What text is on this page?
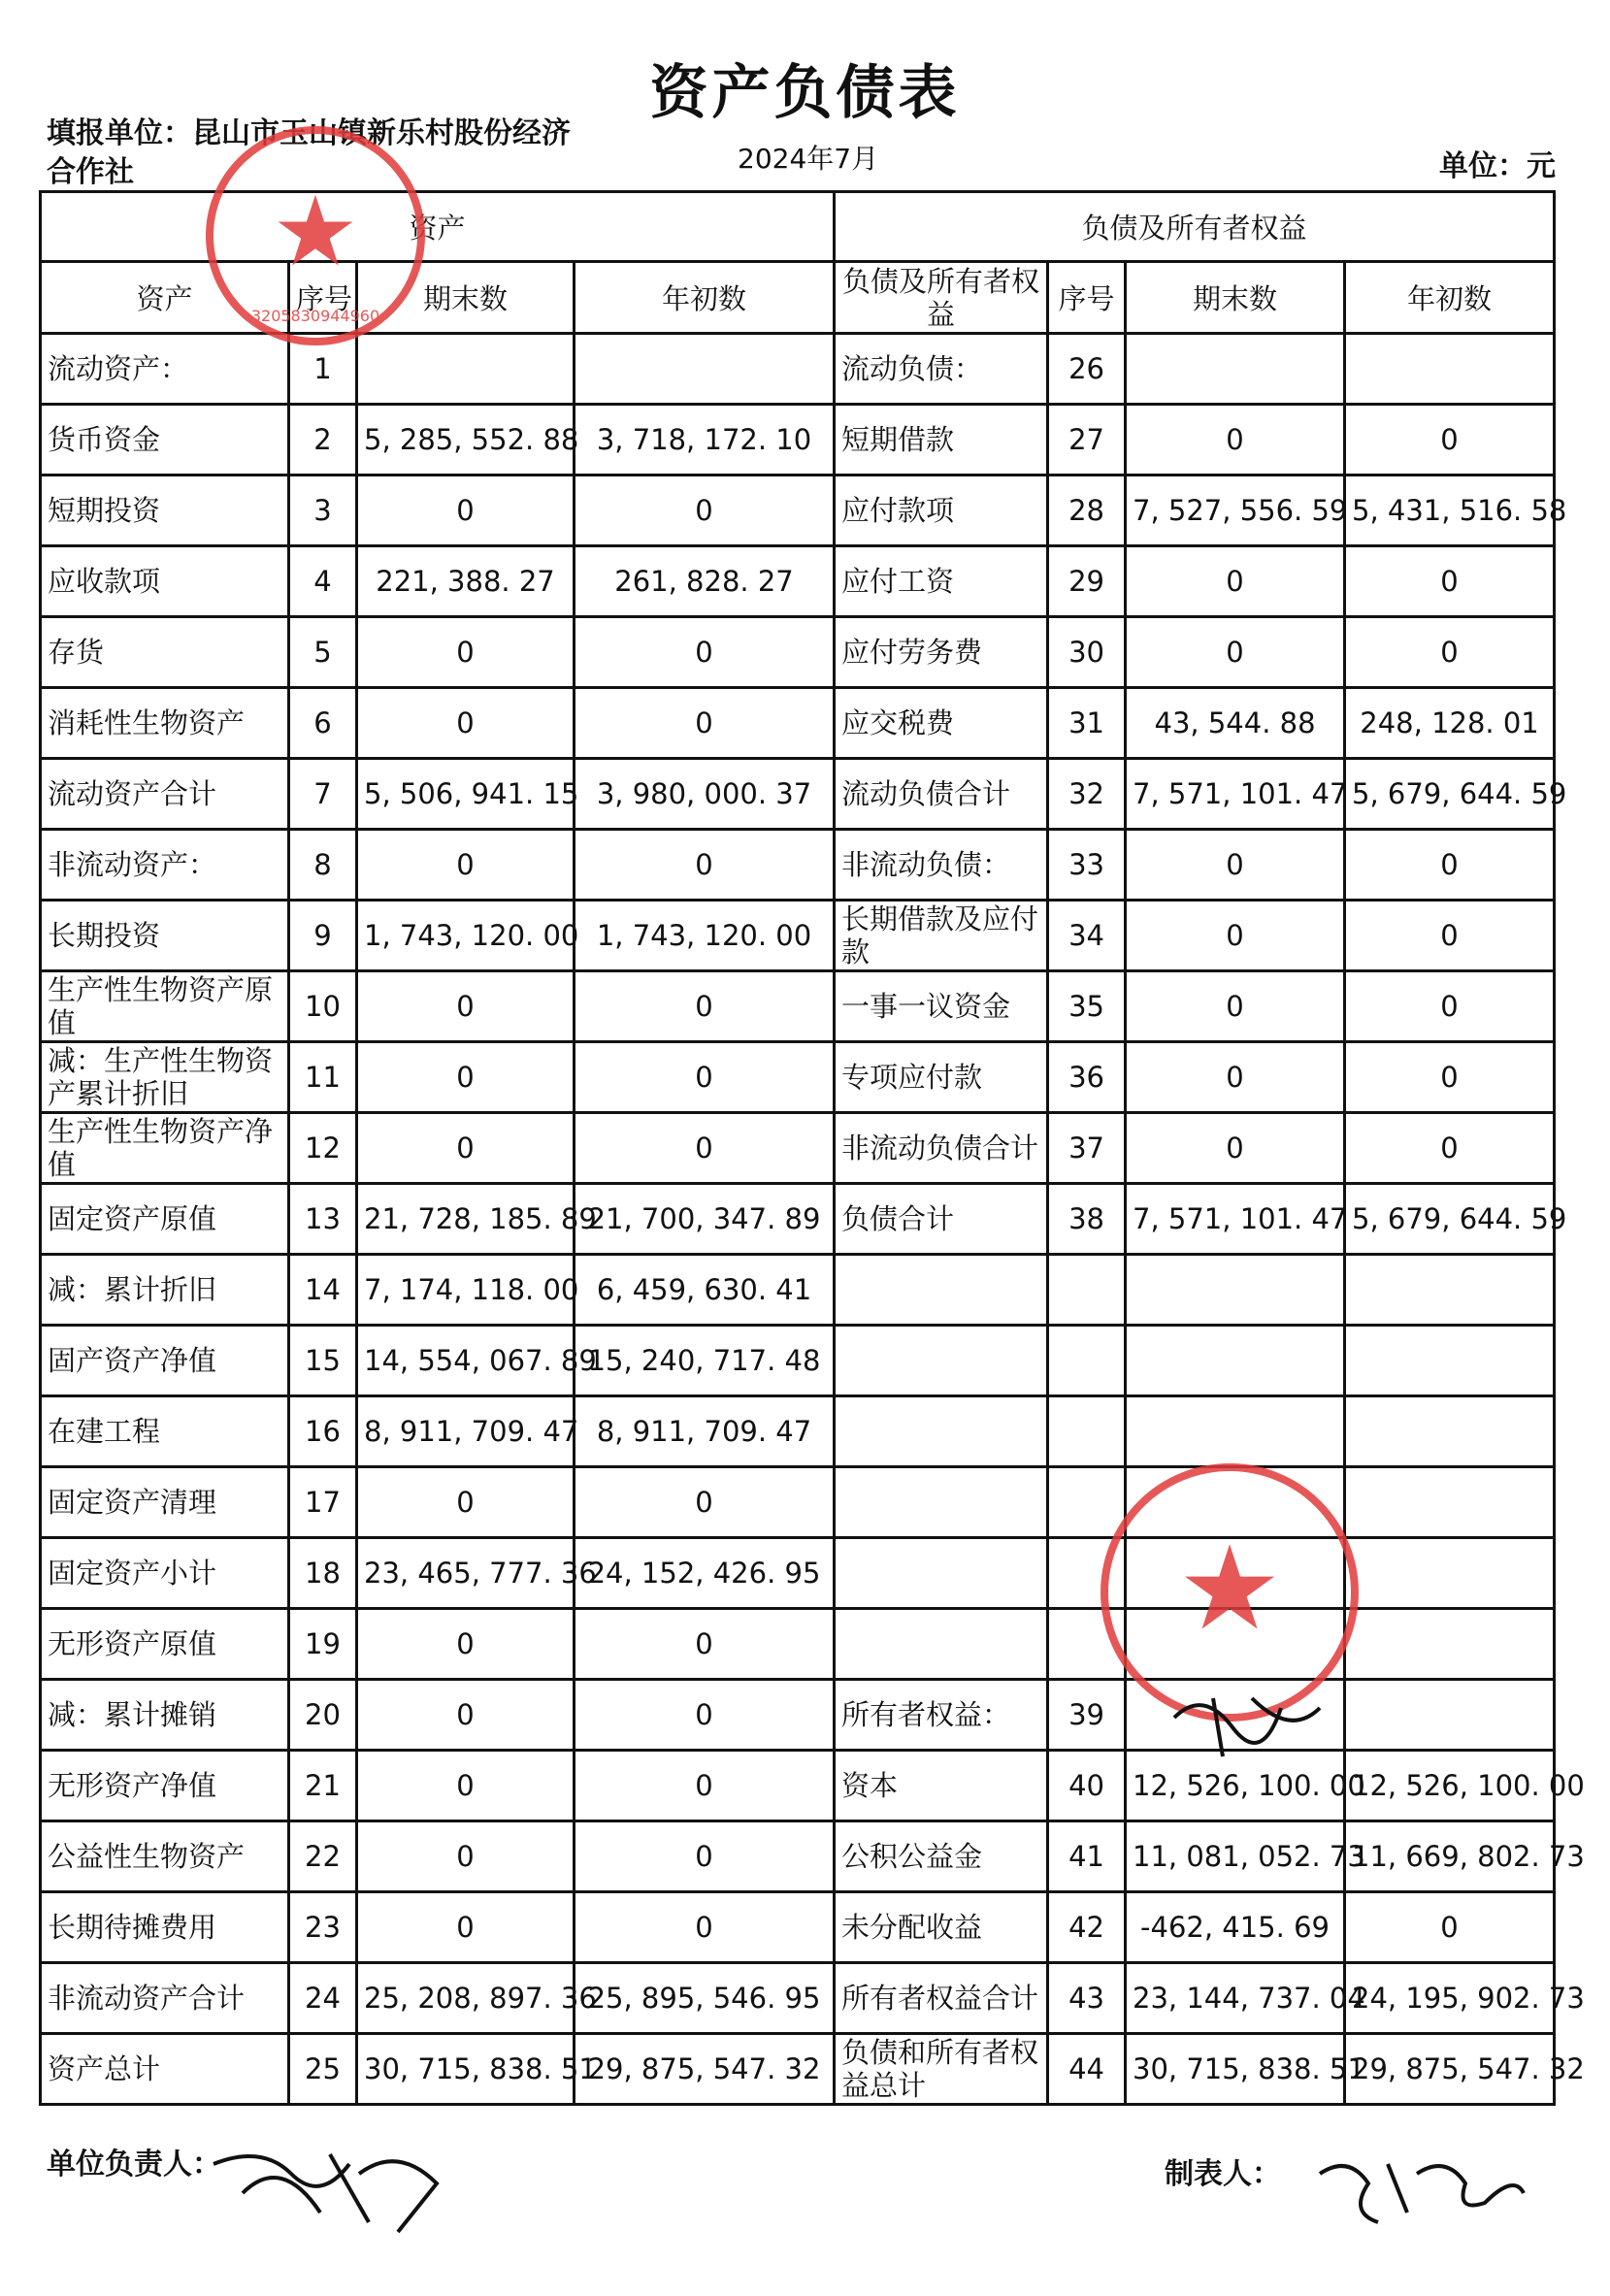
资产负债表
填报单位：昆山市玉山镇新乐村股份经济合作社	2024年7月	单位：元
资产				负债及所有者权益			
资产	序号	期末数	年初数	负债及所有者权益	序号	期末数	年初数
流动资产：	1			流动负债：	26		
货币资金	2	5, 285, 552. 88	3, 718, 172. 10	短期借款	27	0	0
短期投资	3	0	0	应付款项	28	7, 527, 556. 59	5, 431, 516. 58
应收款项	4	221, 388. 27	261, 828. 27	应付工资	29	0	0
存货	5	0	0	应付劳务费	30	0	0
消耗性生物资产	6	0	0	应交税费	31	43, 544. 88	248, 128. 01
流动资产合计	7	5, 506, 941. 15	3, 980, 000. 37	流动负债合计	32	7, 571, 101. 47	5, 679, 644. 59
非流动资产：	8	0	0	非流动负债：	33	0	0
长期投资	9	1, 743, 120. 00	1, 743, 120. 00	长期借款及应付款	34	0	0
生产性生物资产原值	10	0	0	一事一议资金	35	0	0
减：生产性生物资产累计折旧	11	0	0	专项应付款	36	0	0
生产性生物资产净值	12	0	0	非流动负债合计	37	0	0
固定资产原值	13	21, 728, 185. 89	21, 700, 347. 89	负债合计	38	7, 571, 101. 47	5, 679, 644. 59
减：累计折旧	14	7, 174, 118. 00	6, 459, 630. 41				
固产资产净值	15	14, 554, 067. 89	15, 240, 717. 48				
在建工程	16	8, 911, 709. 47	8, 911, 709. 47				
固定资产清理	17	0	0				
固定资产小计	18	23, 465, 777. 36	24, 152, 426. 95				
无形资产原值	19	0	0				
减：累计摊销	20	0	0	所有者权益：	39		
无形资产净值	21	0	0	资本	40	12, 526, 100. 00	12, 526, 100. 00
公益性生物资产	22	0	0	公积公益金	41	11, 081, 052. 73	11, 669, 802. 73
长期待摊费用	23	0	0	未分配收益	42	-462, 415. 69	0
非流动资产合计	24	25, 208, 897. 36	25, 895, 546. 95	所有者权益合计	43	23, 144, 737. 04	24, 195, 902. 73
资产总计	25	30, 715, 838. 51	29, 875, 547. 32	负债和所有者权益总计	44	30, 715, 838. 51	29, 875, 547. 32
★
3205830944960
★
单位负责人：	制表人：
